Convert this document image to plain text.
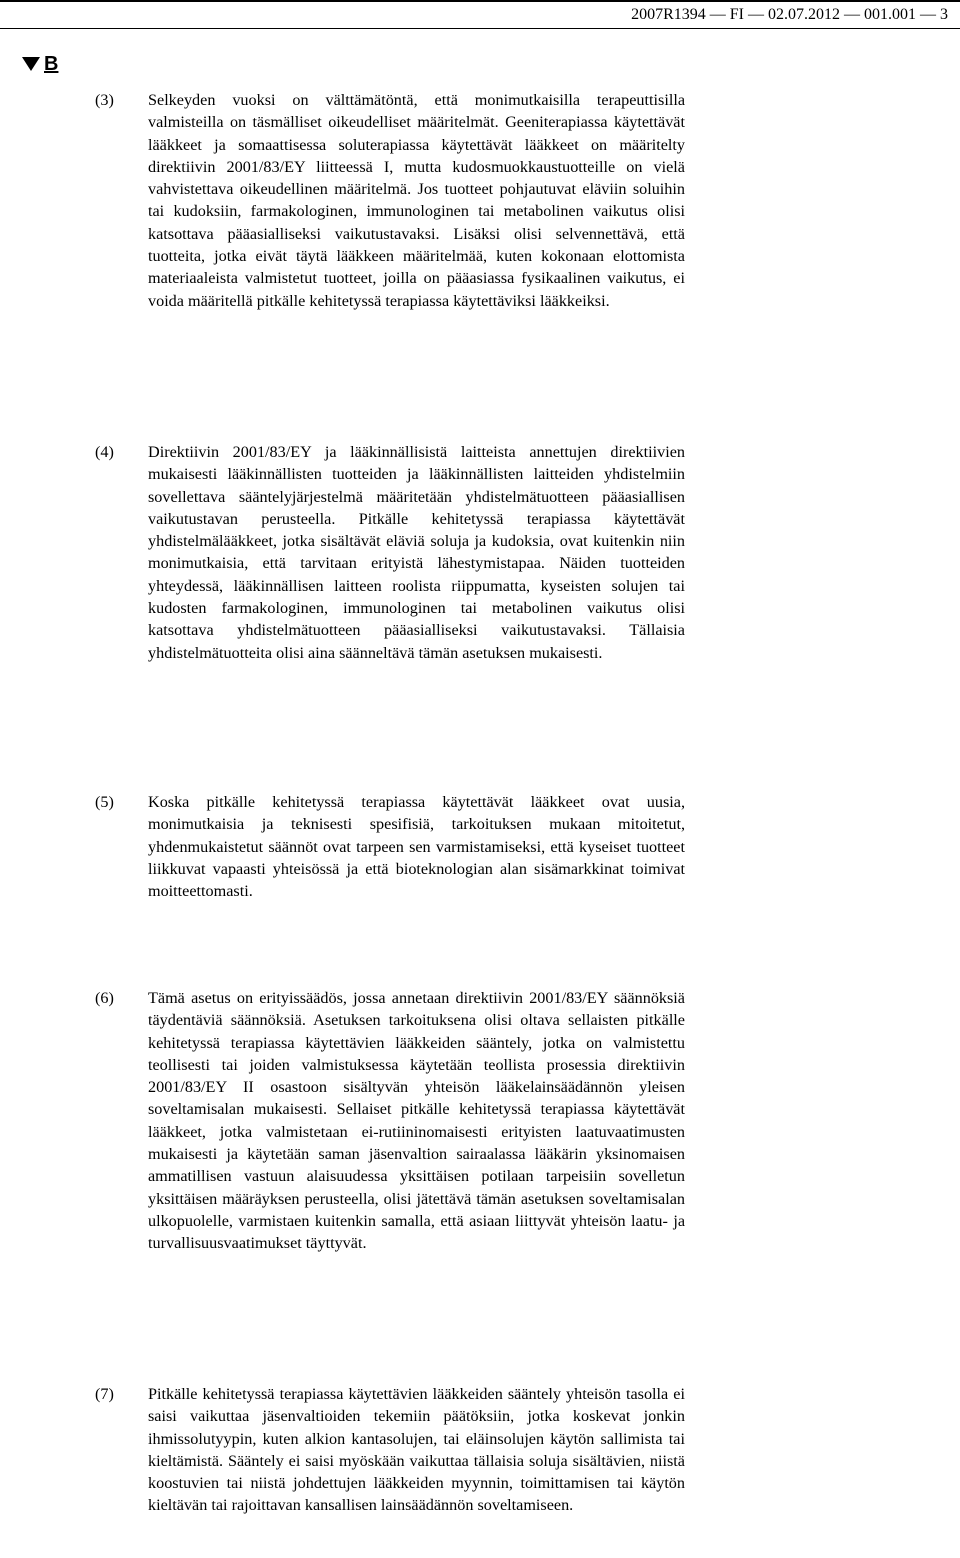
2007R1394 — FI — 02.07.2012 — 001.001 — 3
B
(3)	Selkeyden vuoksi on välttämätöntä, että monimutkaisilla terapeuttisilla valmisteilla on täsmälliset oikeudelliset määritelmät. Geeniterapiassa käytettävät lääkkeet ja somaattisessa soluterapiassa käytettävät lääkkeet on määritelty direktiivin 2001/83/EY liitteessä I, mutta kudosmuokkaustuotteille on vielä vahvistettava oikeudellinen määritelmä. Jos tuotteet pohjautuvat eläviin soluihin tai kudoksiin, farmakologinen, immunologinen tai metabolinen vaikutus olisi katsottava pääasialliseksi vaikutustavaksi. Lisäksi olisi selvennettävä, että tuotteita, jotka eivät täytä lääkkeen määritelmää, kuten kokonaan elottomista materiaaleista valmistetut tuotteet, joilla on pääasiassa fysikaalinen vaikutus, ei voida määritellä pitkälle kehitetyssä terapiassa käytettäviksi lääkkeiksi.
(4)	Direktiivin 2001/83/EY ja lääkinnällisistä laitteista annettujen direktiivien mukaisesti lääkinnällisten tuotteiden ja lääkinnällisten laitteiden yhdistelmiin sovellettava sääntelyjärjestelmä määritetään yhdistelmätuotteen pääasiallisen vaikutustavan perusteella. Pitkälle kehitetyssä terapiassa käytettävät yhdistelmälääkkeet, jotka sisältävät eläviä soluja ja kudoksia, ovat kuitenkin niin monimutkaisia, että tarvitaan erityistä lähestymistapaa. Näiden tuotteiden yhteydessä, lääkinnällisen laitteen roolista riippumatta, kyseisten solujen tai kudosten farmakologinen, immunologinen tai metabolinen vaikutus olisi katsottava yhdistelmätuotteen pääasialliseksi vaikutustavaksi. Tällaisia yhdistelmätuotteita olisi aina säänneltävä tämän asetuksen mukaisesti.
(5)	Koska pitkälle kehitetyssä terapiassa käytettävät lääkkeet ovat uusia, monimutkaisia ja teknisesti spesifisiä, tarkoituksen mukaan mitoitetut, yhdenmukaistetut säännöt ovat tarpeen sen varmistamiseksi, että kyseiset tuotteet liikkuvat vapaasti yhteisössä ja että bioteknologian alan sisämarkkinat toimivat moitteettomasti.
(6)	Tämä asetus on erityissäädös, jossa annetaan direktiivin 2001/83/EY säännöksiä täydentäviä säännöksiä. Asetuksen tarkoituksena olisi oltava sellaisten pitkälle kehitetyssä terapiassa käytettävien lääkkeiden sääntely, jotka on valmistettu teollisesti tai joiden valmistuksessa käytetään teollista prosessia direktiivin 2001/83/EY II osastoon sisältyvän yhteisön lääkelainsäädännön yleisen soveltamisalan mukaisesti. Sellaiset pitkälle kehitetyssä terapiassa käytettävät lääkkeet, jotka valmistetaan ei-rutiininomaisesti erityisten laatuvaatimusten mukaisesti ja käytetään saman jäsenvaltion sairaalassa lääkärin yksinomaisen ammatillisen vastuun alaisuudessa yksittäisen potilaan tarpeisiin sovelletun yksittäisen määräyksen perusteella, olisi jätettävä tämän asetuksen soveltamisalan ulkopuolelle, varmistaen kuitenkin samalla, että asiaan liittyvät yhteisön laatu- ja turvallisuusvaatimukset täyttyvät.
(7)	Pitkälle kehitetyssä terapiassa käytettävien lääkkeiden sääntely yhteisön tasolla ei saisi vaikuttaa jäsenvaltioiden tekemiin päätöksiin, jotka koskevat jonkin ihmissolutyypin, kuten alkion kantasolujen, tai eläinsolujen käytön sallimista tai kieltämistä. Sääntely ei saisi myöskään vaikuttaa tällaisia soluja sisältävien, niistä koostuvien tai niistä johdettujen lääkkeiden myynnin, toimittamisen tai käytön kieltävän tai rajoittavan kansallisen lainsäädännön soveltamiseen.
